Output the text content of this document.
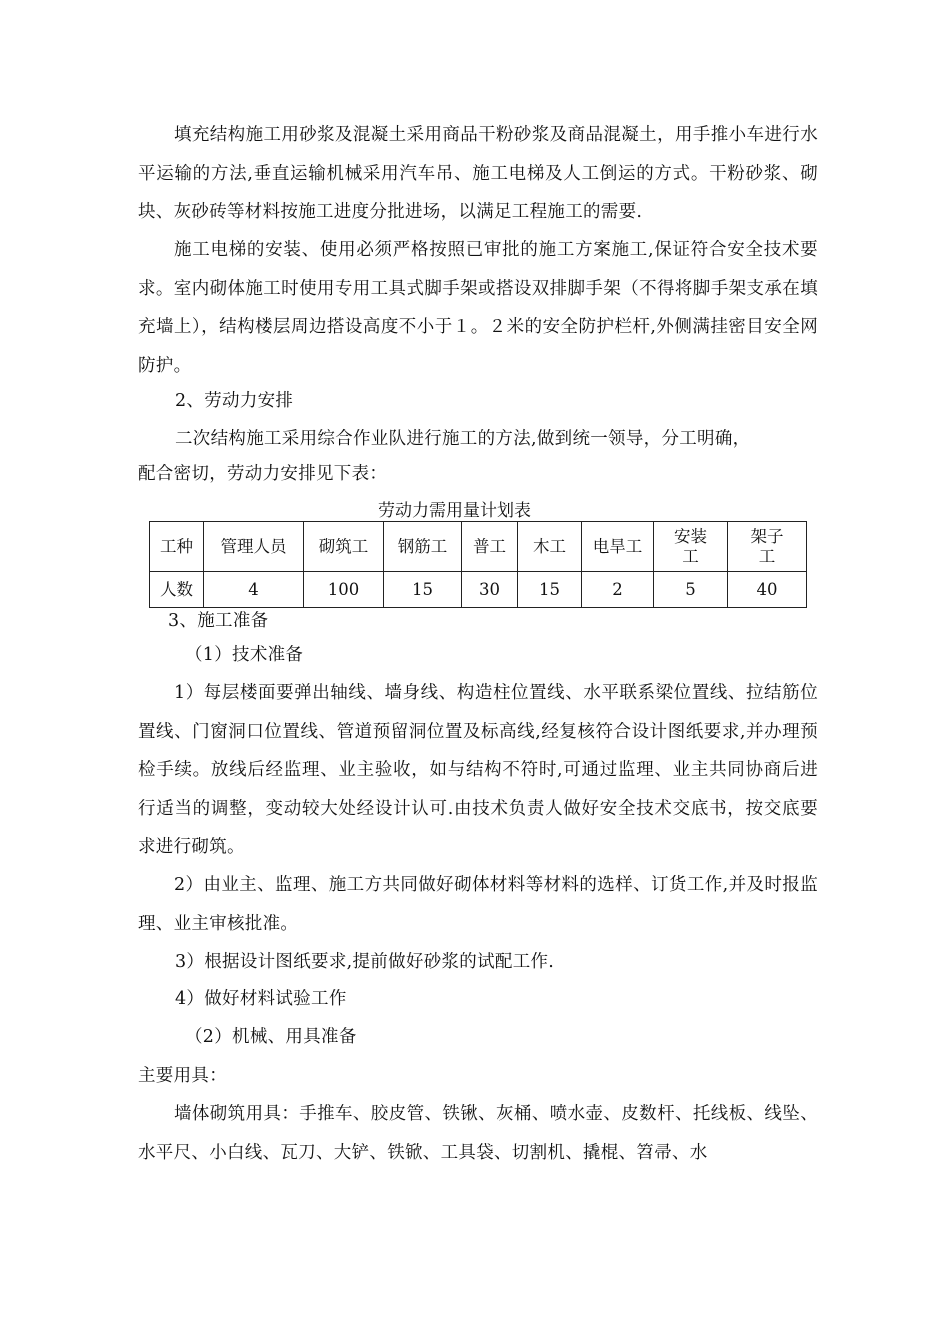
填充结构施工用砂浆及混凝土采用商品干粉砂浆及商品混凝土，用手推小车进行水平运输的方法,垂直运输机械采用汽车吊、施工电梯及人工倒运的方式。干粉砂浆、砌块、灰砂砖等材料按施工进度分批进场，以满足工程施工的需要.

施工电梯的安装、使用必须严格按照已审批的施工方案施工,保证符合安全技术要求。室内砌体施工时使用专用工具式脚手架或搭设双排脚手架（不得将脚手架支承在填充墙上），结构楼层周边搭设高度不小于１。２米的安全防护栏杆,外侧满挂密目安全网防护。

2、劳动力安排

二次结构施工采用综合作业队进行施工的方法,做到统一领导，分工明确，

配合密切，劳动力安排见下表：

劳动力需用量计划表
工种	管理人员	砌筑工	钢筋工	普工	木工	电旱工	安装工	架子工
人数	4	100	15	30	15	2	5	40

3、施工准备

（1）技术准备

1）每层楼面要弹出轴线、墙身线、构造柱位置线、水平联系梁位置线、拉结筋位置线、门窗洞口位置线、管道预留洞位置及标高线,经复核符合设计图纸要求,并办理预检手续。放线后经监理、业主验收，如与结构不符时,可通过监理、业主共同协商后进行适当的调整，变动较大处经设计认可.由技术负责人做好安全技术交底书，按交底要求进行砌筑。

2）由业主、监理、施工方共同做好砌体材料等材料的选样、订货工作,并及时报监理、业主审核批准。

3）根据设计图纸要求,提前做好砂浆的试配工作.

4）做好材料试验工作

（2）机械、用具准备

主要用具：

墙体砌筑用具：手推车、胶皮管、铁锹、灰桶、喷水壶、皮数杆、托线板、线坠、水平尺、小白线、瓦刀、大铲、铁锨、工具袋、切割机、撬棍、笤帚、水
